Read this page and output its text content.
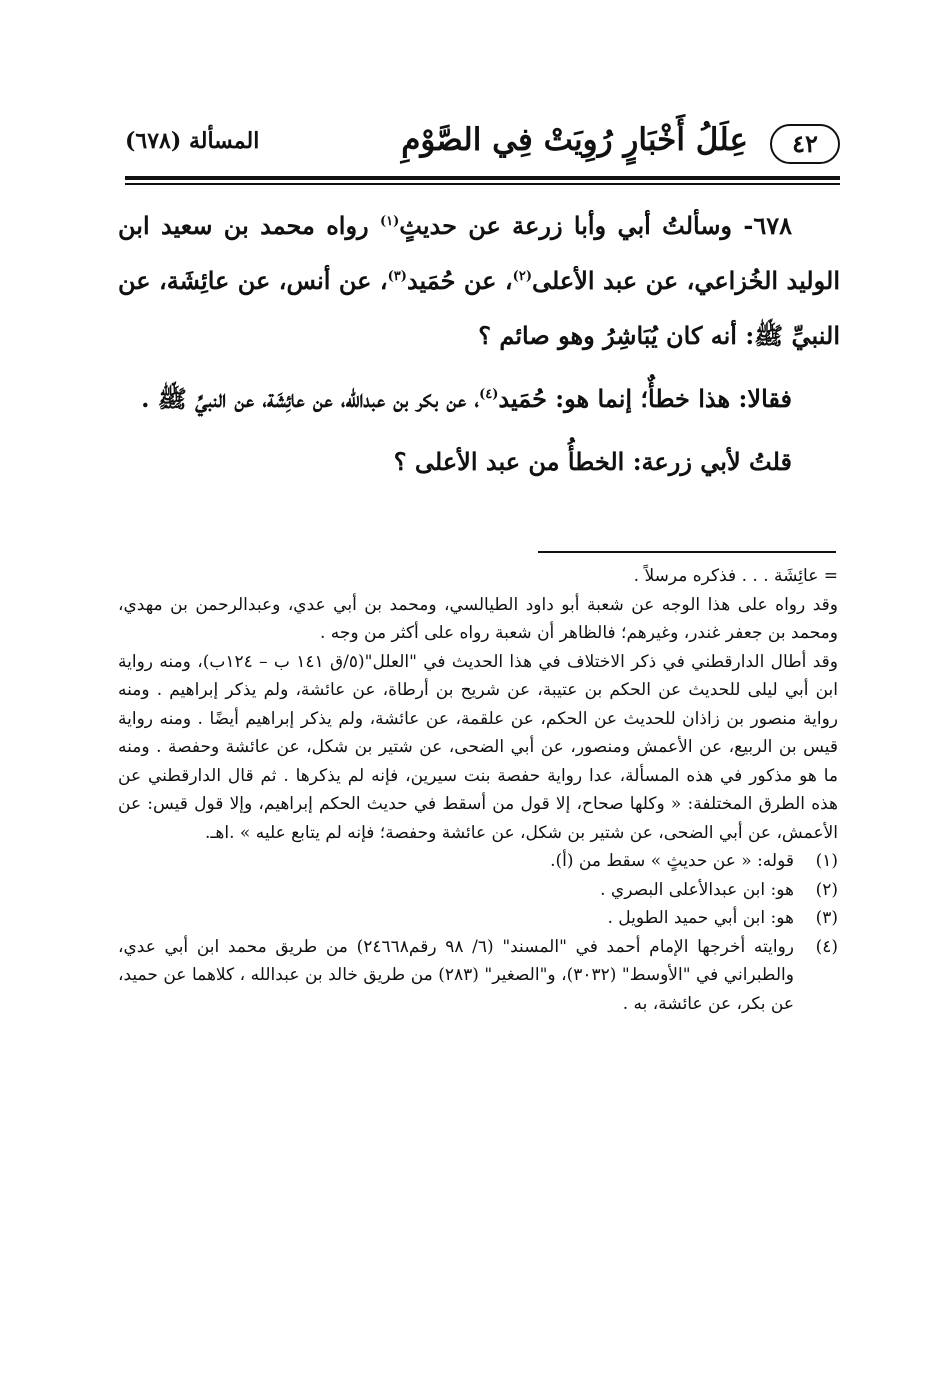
٤٢
عِلَلُ أَخْبَارٍ رُوِيَتْ فِي الصَّوْمِ
المسألة (٦٧٨)

٦٧٨- وسألتُ أبي وأبا زرعة عن حديثٍ$^{(١)}$ رواه محمد بن سعيد ابن الوليد الخُزاعي، عن عبد الأعلى$^{(٢)}$، عن حُمَيد$^{(٣)}$، عن أنس، عن عائِشَة، عن النبيِّ ﷺ: أنه كان يُبَاشِرُ وهو صائم ؟

فقالا: هذا خطأٌ؛ إنما هو: حُمَيد$^{(٤)}$، عن بكر بن عبدالله، عن عائِشَة، عن النبيِّ ﷺ .

قلتُ لأبي زرعة: الخطأُ من عبد الأعلى ؟

= عائِشَة . . . فذكره مرسلاً .

وقد رواه على هذا الوجه عن شعبة أبو داود الطيالسي، ومحمد بن أبي عدي، وعبدالرحمن بن مهدي، ومحمد بن جعفر غندر، وغيرهم؛ فالظاهر أن شعبة رواه على أكثر من وجه .

وقد أطال الدارقطني في ذكر الاختلاف في هذا الحديث في "العلل"(٥/ق ١٤١ ب – ١٢٤ب)، ومنه رواية ابن أبي ليلى للحديث عن الحكم بن عتيبة، عن شريح بن أرطاة، عن عائشة، ولم يذكر إبراهيم . ومنه رواية منصور بن زاذان للحديث عن الحكم، عن علقمة، عن عائشة، ولم يذكر إبراهيم أيضًا . ومنه رواية قيس بن الربيع، عن الأعمش ومنصور، عن أبي الضحى، عن شتير بن شكل، عن عائشة وحفصة . ومنه ما هو مذكور في هذه المسألة، عدا رواية حفصة بنت سيرين، فإنه لم يذكرها . ثم قال الدارقطني عن هذه الطرق المختلفة: « وكلها صحاح، إلا قول من أسقط في حديث الحكم إبراهيم، وإلا قول قيس: عن الأعمش، عن أبي الضحى، عن شتير بن شكل، عن عائشة وحفصة؛ فإنه لم يتابع عليه » .اهـ.

(١)
قوله: « عن حديثٍ » سقط من (أ).
(٢)
هو: ابن عبدالأعلى البصري .
(٣)
هو: ابن أبي حميد الطويل .
(٤)
روايته أخرجها الإمام أحمد في "المسند" (٦/ ٩٨ رقم٢٤٦٦٨) من طريق محمد ابن أبي عدي، والطبراني في "الأوسط" (٣٠٣٢)، و"الصغير" (٢٨٣) من طريق خالد بن عبدالله ، كلاهما عن حميد، عن بكر، عن عائشة، به .
